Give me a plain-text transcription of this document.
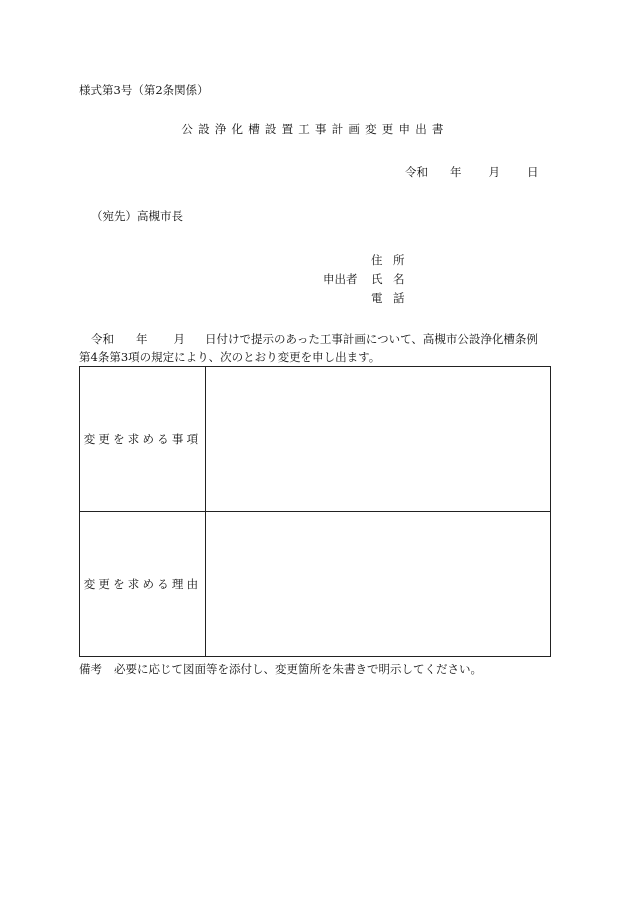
様式第3号（第2条関係）
公設浄化槽設置工事計画変更申出書
令和 年 月 日
（宛先）高槻市長
住 所
申出者 氏 名
電 話
令和 年 月 日付けで提示のあった工事計画について、高槻市公設浄化槽条例
第4条第3項の規定により、次のとおり変更を申し出ます。
変更を求める事項
変更を求める理由
備考 必要に応じて図面等を添付し、変更箇所を朱書きで明示してください。
